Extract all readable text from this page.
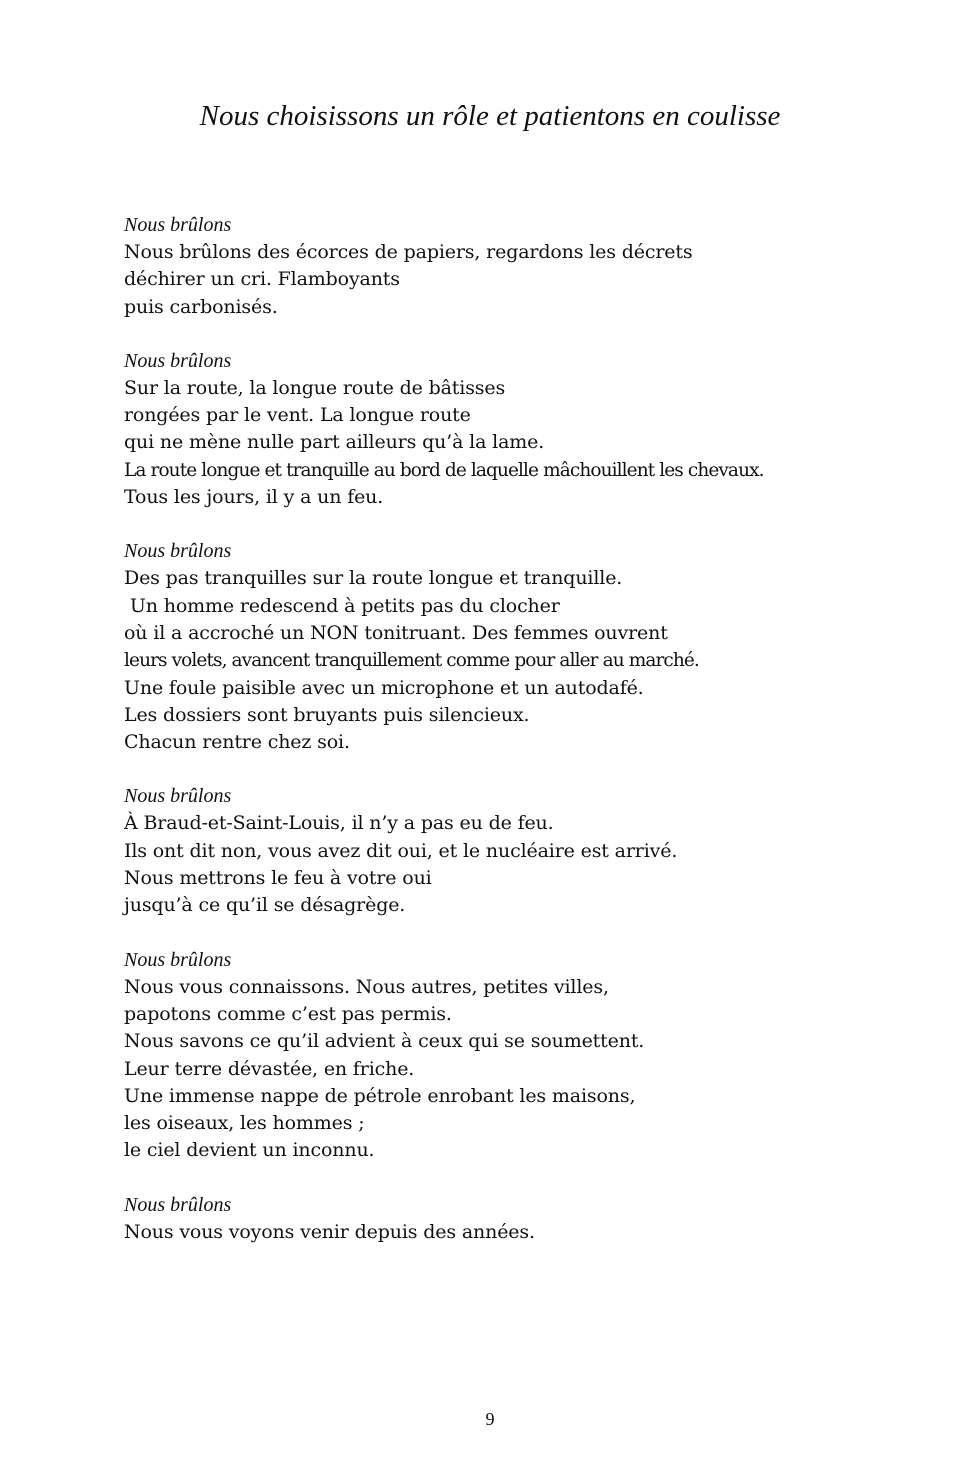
Nous choisissons un rôle et patientons en coulisse
Nous brûlons
Nous brûlons des écorces de papiers, regardons les décrets
déchirer un cri. Flamboyants
puis carbonisés.
Nous brûlons
Sur la route, la longue route de bâtisses
rongées par le vent. La longue route
qui ne mène nulle part ailleurs qu’à la lame.
La route longue et tranquille au bord de laquelle mâchouillent les chevaux.
Tous les jours, il y a un feu.
Nous brûlons
Des pas tranquilles sur la route longue et tranquille.
Un homme redescend à petits pas du clocher
où il a accroché un NON tonitruant. Des femmes ouvrent
leurs volets, avancent tranquillement comme pour aller au marché.
Une foule paisible avec un microphone et un autodafé.
Les dossiers sont bruyants puis silencieux.
Chacun rentre chez soi.
Nous brûlons
À Braud-et-Saint-Louis, il n’y a pas eu de feu.
Ils ont dit non, vous avez dit oui, et le nucléaire est arrivé.
Nous mettrons le feu à votre oui
jusqu’à ce qu’il se désagrège.
Nous brûlons
Nous vous connaissons. Nous autres, petites villes,
papotons comme c’est pas permis.
Nous savons ce qu’il advient à ceux qui se soumettent.
Leur terre dévastée, en friche.
Une immense nappe de pétrole enrobant les maisons,
les oiseaux, les hommes ;
le ciel devient un inconnu.
Nous brûlons
Nous vous voyons venir depuis des années.
9
